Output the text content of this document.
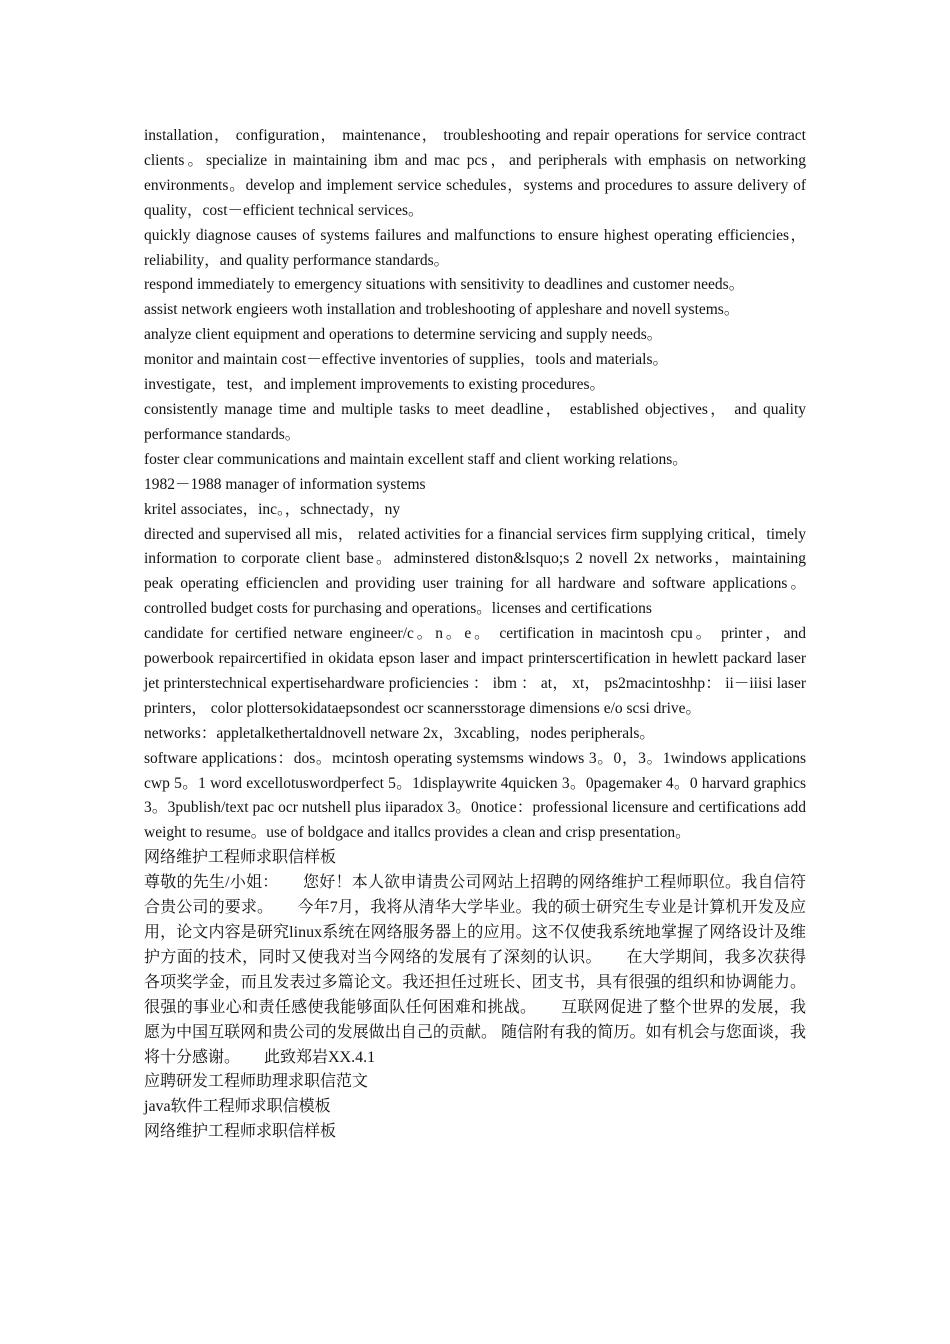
installation， configuration， maintenance， troubleshooting and repair operations for service contract clients。specialize in maintaining ibm and mac pcs，and peripherals with emphasis on networking environments。develop and implement service schedules，systems and procedures to assure delivery of quality，cost－efficient technical services。

quickly diagnose causes of systems failures and malfunctions to ensure highest operating efficiencies，reliability，and quality performance standards。

respond immediately to emergency situations with sensitivity to deadlines and customer needs。

assist network engieers woth installation and trobleshooting of appleshare and novell systems。

analyze client equipment and operations to determine servicing and supply needs。

monitor and maintain cost－effective inventories of supplies，tools and materials。

investigate，test，and implement improvements to existing procedures。

consistently manage time and multiple tasks to meet deadline， established objectives， and quality performance standards。

foster clear communications and maintain excellent staff and client working relations。

1982－1988 manager of information systems

kritel associates，inc。，schnectady，ny

directed and supervised all mis， related activities for a financial services firm supplying critical，timely information to corporate client base。adminstered diston&lsquo;s 2 novell 2x networks，maintaining peak operating efficienclen and providing user training for all hardware and software applications。controlled budget costs for purchasing and operations。licenses and certifications

candidate for certified netware engineer/c。n。e。 certification in macintosh cpu。 printer，and powerbook repaircertified in okidata epson laser and impact printerscertification in hewlett packard laser jet printerstechnical expertisehardware proficiencies ： ibm ： at， xt， ps2macintoshhp： ii－iiisi laser printers， color plottersokidataepsondest ocr scannersstorage dimensions e/o scsi drive。

networks：appletalkethertaldnovell netware 2x，3xcabling，nodes peripherals。

software applications：dos。mcintosh operating systemsms windows 3。0，3。1windows applications cwp 5。1 word excellotuswordperfect 5。1displaywrite 4quicken 3。0pagemaker 4。0 harvard graphics 3。3publish/text pac ocr nutshell plus iiparadox 3。0notice：professional licensure and certifications add weight to resume。use of boldgace and itallcs provides a clean and crisp presentation。

网络维护工程师求职信样板

尊敬的先生/小姐：　　您好！本人欲申请贵公司网站上招聘的网络维护工程师职位。我自信符合贵公司的要求。　　今年7月，我将从清华大学毕业。我的硕士研究生专业是计算机开发及应用，论文内容是研究linux系统在网络服务器上的应用。这不仅使我系统地掌握了网络设计及维护方面的技术，同时又使我对当今网络的发展有了深刻的认识。　　在大学期间，我多次获得各项奖学金，而且发表过多篇论文。我还担任过班长、团支书，具有很强的组织和协调能力。很强的事业心和责任感使我能够面队任何困难和挑战。　　互联网促进了整个世界的发展，我愿为中国互联网和贵公司的发展做出自己的贡献。 随信附有我的简历。如有机会与您面谈，我将十分感谢。　　此致郑岩XX.4.1

应聘研发工程师助理求职信范文

java软件工程师求职信模板

网络维护工程师求职信样板
